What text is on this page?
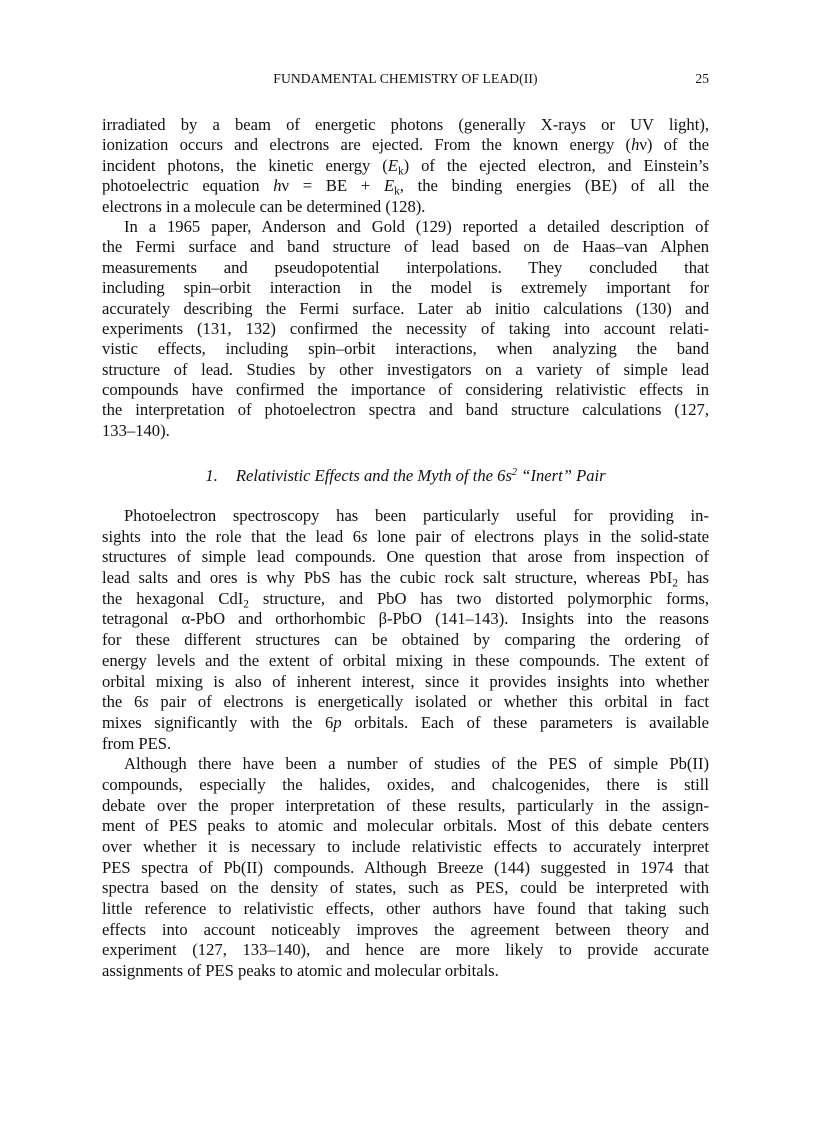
FUNDAMENTAL CHEMISTRY OF LEAD(II)	25
irradiated by a beam of energetic photons (generally X-rays or UV light),
ionization occurs and electrons are ejected. From the known energy (hν) of the
incident photons, the kinetic energy $(E_k)$ of the ejected electron, and Einstein’s
photoelectric equation hν = BE + $E_k$, the binding energies (BE) of all the
electrons in a molecule can be determined (128).
In a 1965 paper, Anderson and Gold (129) reported a detailed description of
the Fermi surface and band structure of lead based on de Haas–van Alphen
measurements and pseudopotential interpolations. They concluded that
including spin–orbit interaction in the model is extremely important for
accurately describing the Fermi surface. Later ab initio calculations (130) and
experiments (131, 132) confirmed the necessity of taking into account relati-
vistic effects, including spin–orbit interactions, when analyzing the band
structure of lead. Studies by other investigators on a variety of simple lead
compounds have confirmed the importance of considering relativistic effects in
the interpretation of photoelectron spectra and band structure calculations (127,
133–140).
1. Relativistic Effects and the Myth of the $6s^2$ “Inert” Pair
Photoelectron spectroscopy has been particularly useful for providing in-
sights into the role that the lead 6s lone pair of electrons plays in the solid-state
structures of simple lead compounds. One question that arose from inspection of
lead salts and ores is why PbS has the cubic rock salt structure, whereas PbI$_2$ has
the hexagonal CdI$_2$ structure, and PbO has two distorted polymorphic forms,
tetragonal α-PbO and orthorhombic β-PbO (141–143). Insights into the reasons
for these different structures can be obtained by comparing the ordering of
energy levels and the extent of orbital mixing in these compounds. The extent of
orbital mixing is also of inherent interest, since it provides insights into whether
the 6s pair of electrons is energetically isolated or whether this orbital in fact
mixes significantly with the 6p orbitals. Each of these parameters is available
from PES.
Although there have been a number of studies of the PES of simple Pb(II)
compounds, especially the halides, oxides, and chalcogenides, there is still
debate over the proper interpretation of these results, particularly in the assign-
ment of PES peaks to atomic and molecular orbitals. Most of this debate centers
over whether it is necessary to include relativistic effects to accurately interpret
PES spectra of Pb(II) compounds. Although Breeze (144) suggested in 1974 that
spectra based on the density of states, such as PES, could be interpreted with
little reference to relativistic effects, other authors have found that taking such
effects into account noticeably improves the agreement between theory and
experiment (127, 133–140), and hence are more likely to provide accurate
assignments of PES peaks to atomic and molecular orbitals.
